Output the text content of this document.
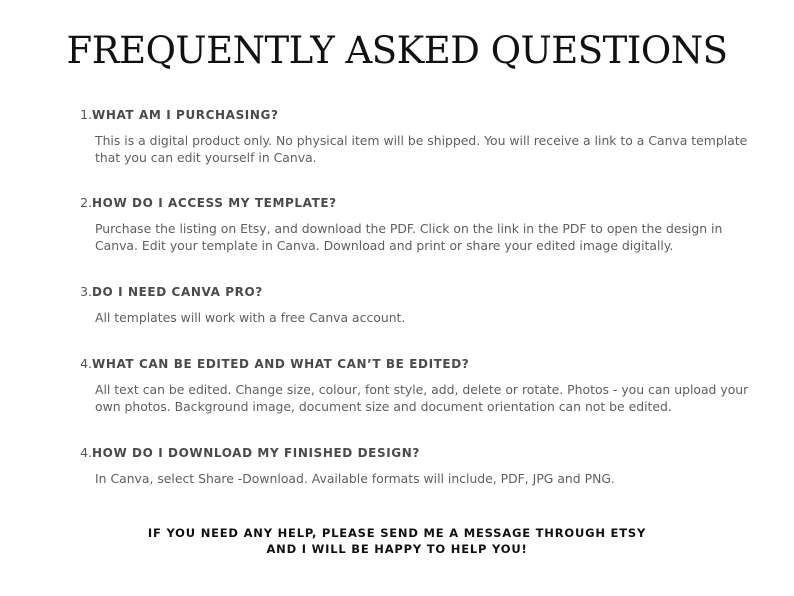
FREQUENTLY ASKED QUESTIONS
1. WHAT AM I PURCHASING?

This is a digital product only. No physical item will be shipped. You will receive a link to a Canva template that you can edit yourself in Canva.

2. HOW DO I ACCESS MY TEMPLATE?

Purchase the listing on Etsy, and download the PDF. Click on the link in the PDF to open the design in Canva. Edit your template in Canva. Download and print or share your edited image digitally.

3. DO I NEED CANVA PRO?

All templates will work with a free Canva account.

4. WHAT CAN BE EDITED AND WHAT CAN’T BE EDITED?

All text can be edited. Change size, colour, font style, add, delete or rotate. Photos - you can upload your own photos. Background image, document size and document orientation can not be edited.

4. HOW DO I DOWNLOAD MY FINISHED DESIGN?

In Canva, select Share -Download. Available formats will include, PDF, JPG and PNG.

IF YOU NEED ANY HELP, PLEASE SEND ME A MESSAGE THROUGH ETSY
AND I WILL BE HAPPY TO HELP YOU!
